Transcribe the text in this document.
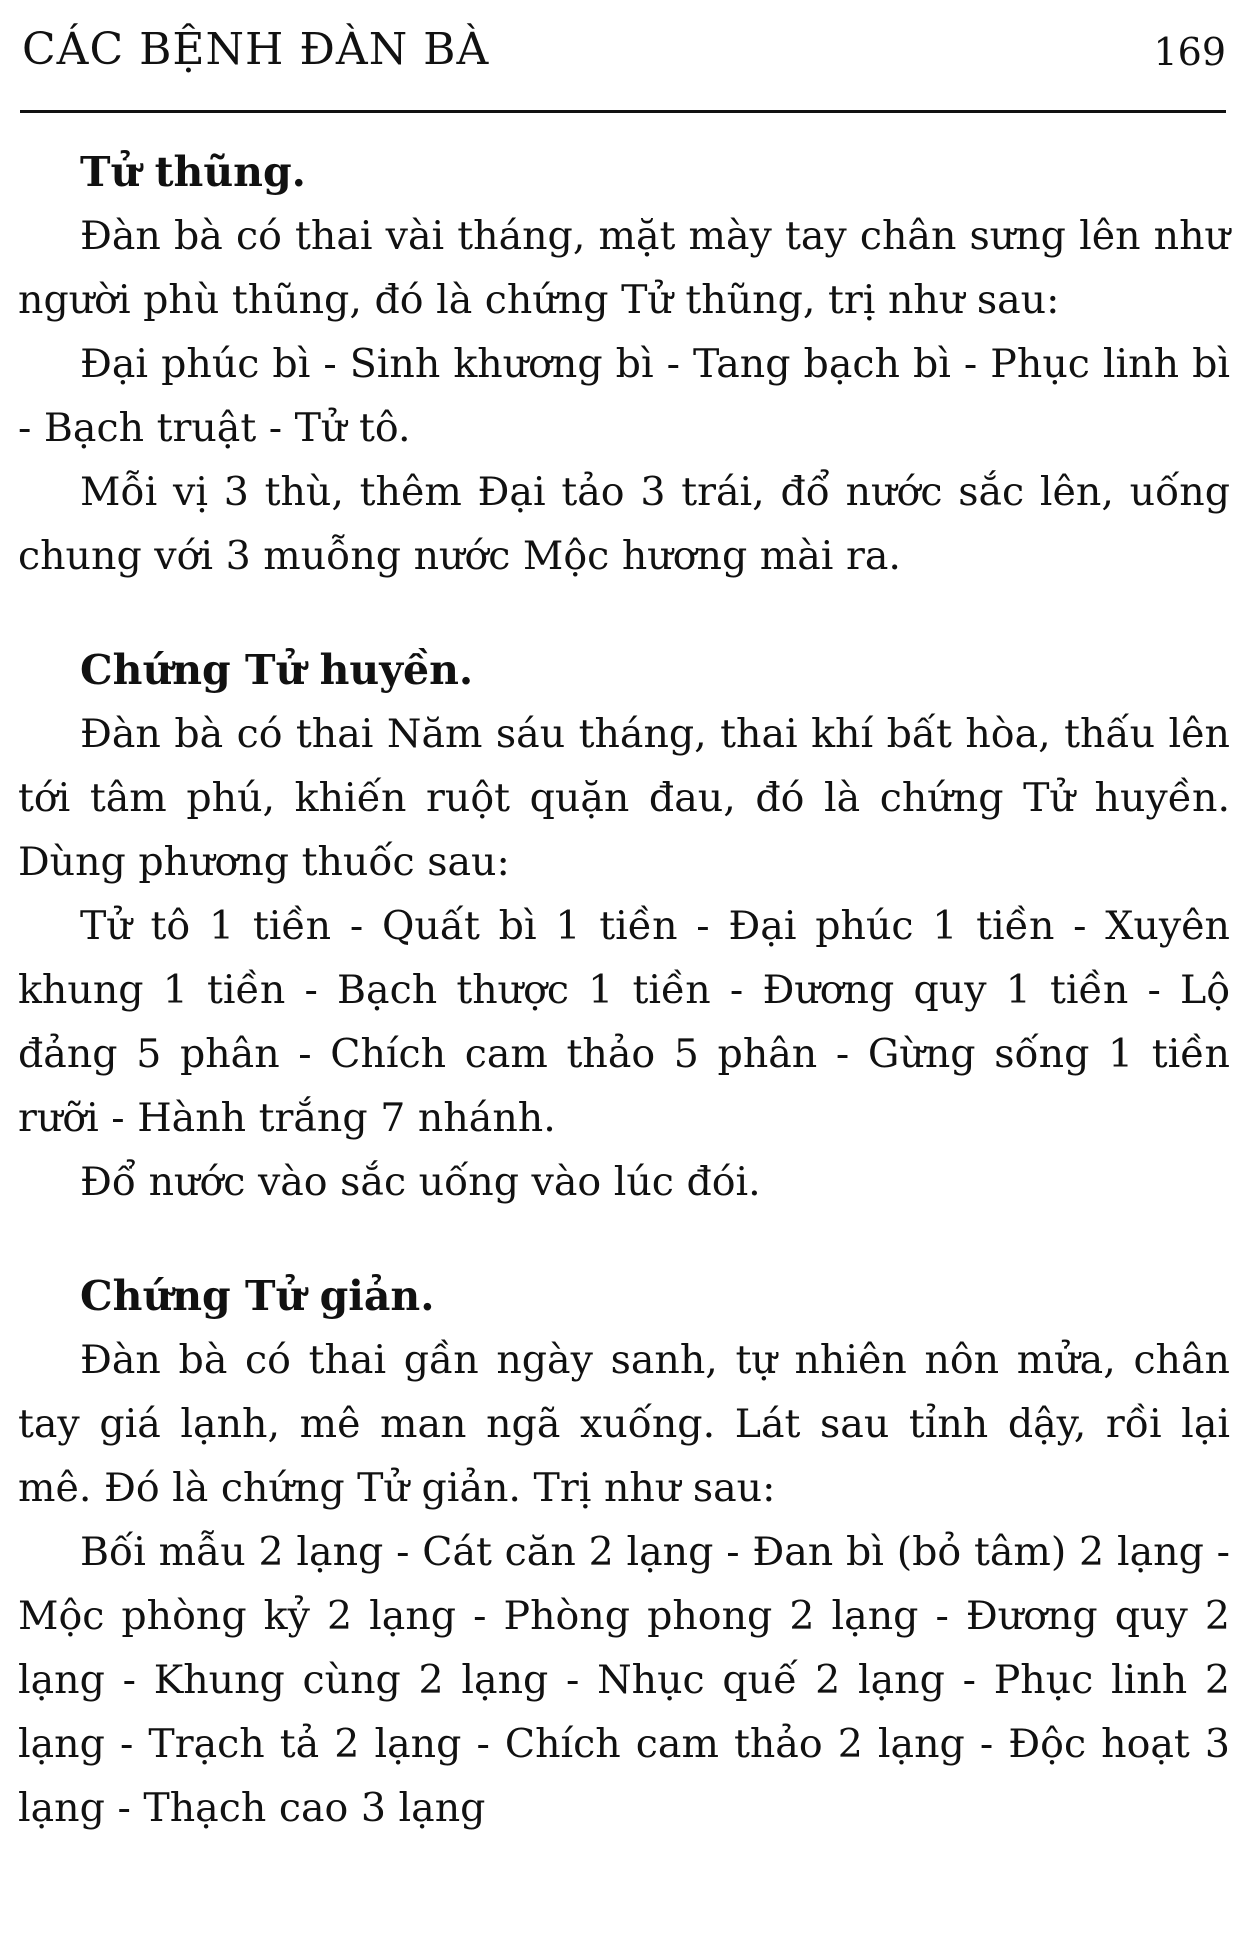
CÁC BỆNH ĐÀN BÀ	169
Tử thũng.

Đàn bà có thai vài tháng, mặt mày tay chân sưng lên như người phù thũng, đó là chứng Tử thũng, trị như sau:

Đại phúc bì - Sinh khương bì - Tang bạch bì - Phục linh bì - Bạch truật - Tử tô.

Mỗi vị 3 thù, thêm Đại tảo 3 trái, đổ nước sắc lên, uống chung với 3 muỗng nước Mộc hương mài ra.

Chứng Tử huyền.

Đàn bà có thai Năm sáu tháng, thai khí bất hòa, thấu lên tới tâm phú, khiến ruột quặn đau, đó là chứng Tử huyền. Dùng phương thuốc sau:

Tử tô 1 tiền - Quất bì 1 tiền - Đại phúc 1 tiền - Xuyên khung 1 tiền - Bạch thược 1 tiền - Đương quy 1 tiền - Lộ đảng 5 phân - Chích cam thảo 5 phân - Gừng sống 1 tiền rưỡi - Hành trắng 7 nhánh.

Đổ nước vào sắc uống vào lúc đói.

Chứng Tử giản.

Đàn bà có thai gần ngày sanh, tự nhiên nôn mửa, chân tay giá lạnh, mê man ngã xuống. Lát sau tỉnh dậy, rồi lại mê. Đó là chứng Tử giản. Trị như sau:

Bối mẫu 2 lạng - Cát căn 2 lạng - Đan bì (bỏ tâm) 2 lạng - Mộc phòng kỷ 2 lạng - Phòng phong 2 lạng - Đương quy 2 lạng - Khung cùng 2 lạng - Nhục quế 2 lạng - Phục linh 2 lạng - Trạch tả 2 lạng - Chích cam thảo 2 lạng - Độc hoạt 3 lạng - Thạch cao 3 lạng
